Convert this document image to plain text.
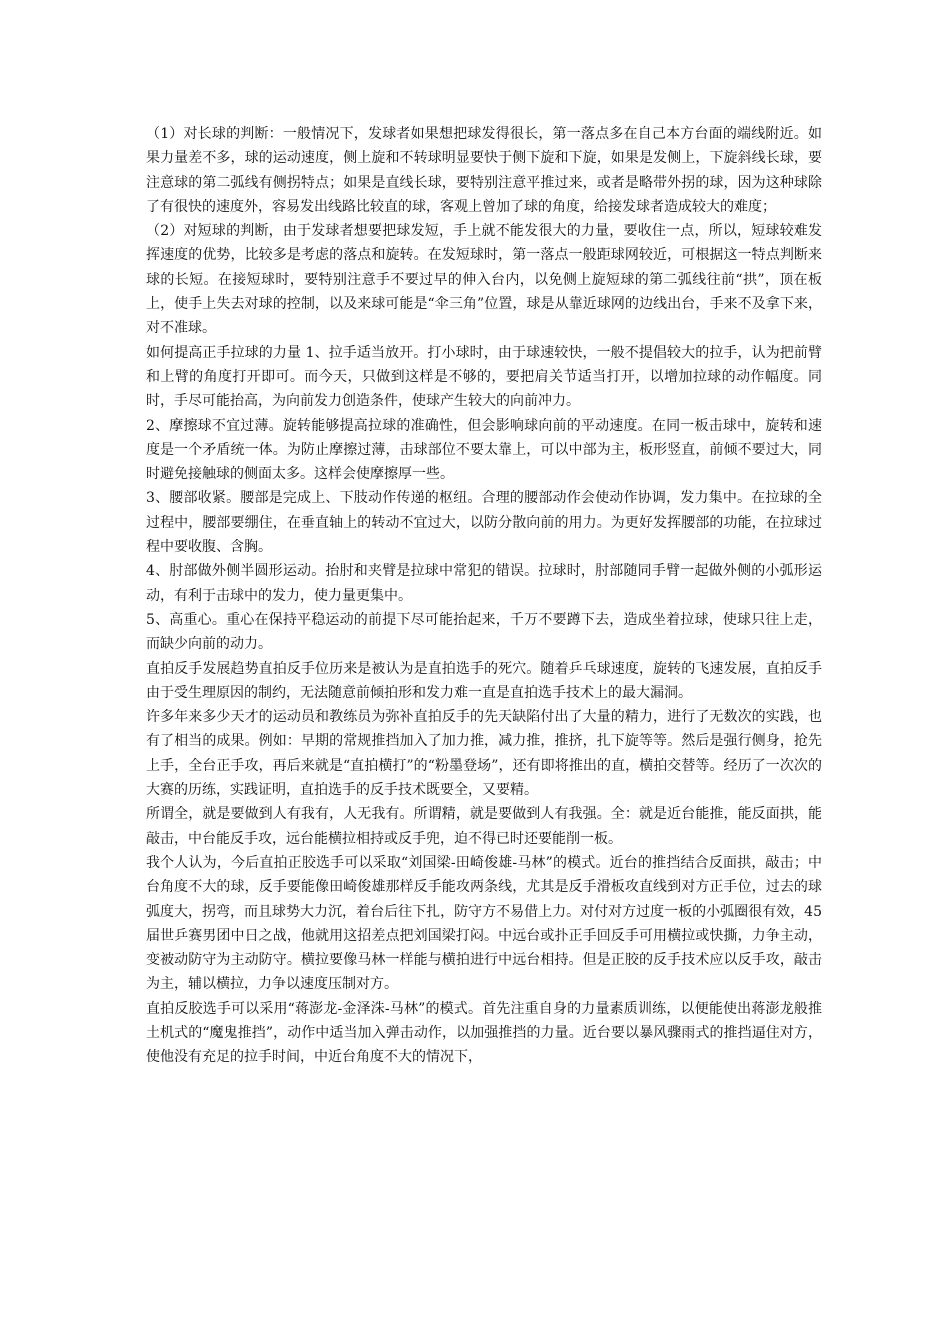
（1）对长球的判断：一般情况下，发球者如果想把球发得很长，第一落点多在自己本方台面的端线附近。如果力量差不多，球的运动速度，侧上旋和不转球明显要快于侧下旋和下旋，如果是发侧上，下旋斜线长球，要注意球的第二弧线有侧拐特点；如果是直线长球，要特别注意平推过来，或者是略带外拐的球，因为这种球除了有很快的速度外，容易发出线路比较直的球，客观上曾加了球的角度，给接发球者造成较大的难度；

（2）对短球的判断，由于发球者想要把球发短，手上就不能发很大的力量，要收住一点，所以，短球较难发挥速度的优势，比较多是考虑的落点和旋转。在发短球时，第一落点一般距球网较近，可根据这一特点判断来球的长短。在接短球时，要特别注意手不要过早的伸入台内，以免侧上旋短球的第二弧线往前“拱”，顶在板上，使手上失去对球的控制，以及来球可能是“伞三角”位置，球是从靠近球网的边线出台，手来不及拿下来，对不准球。

如何提高正手拉球的力量 1、拉手适当放开。打小球时，由于球速较快，一般不提倡较大的拉手，认为把前臂和上臂的角度打开即可。而今天，只做到这样是不够的，要把肩关节适当打开，以增加拉球的动作幅度。同时，手尽可能抬高，为向前发力创造条件，使球产生较大的向前冲力。

2、摩擦球不宜过薄。旋转能够提高拉球的准确性，但会影响球向前的平动速度。在同一板击球中，旋转和速度是一个矛盾统一体。为防止摩擦过薄，击球部位不要太靠上，可以中部为主，板形竖直，前倾不要过大，同时避免接触球的侧面太多。这样会使摩擦厚一些。

3、腰部收紧。腰部是完成上、下肢动作传递的枢纽。合理的腰部动作会使动作协调，发力集中。在拉球的全过程中，腰部要绷住，在垂直轴上的转动不宜过大，以防分散向前的用力。为更好发挥腰部的功能，在拉球过程中要收腹、含胸。

4、肘部做外侧半圆形运动。抬肘和夹臂是拉球中常犯的错误。拉球时，肘部随同手臂一起做外侧的小弧形运动，有利于击球中的发力，使力量更集中。

5、高重心。重心在保持平稳运动的前提下尽可能抬起来，千万不要蹲下去，造成坐着拉球，使球只往上走，而缺少向前的动力。

直拍反手发展趋势直拍反手位历来是被认为是直拍选手的死穴。随着乒乓球速度，旋转的飞速发展，直拍反手由于受生理原因的制约，无法随意前倾拍形和发力难一直是直拍选手技术上的最大漏洞。

许多年来多少天才的运动员和教练员为弥补直拍反手的先天缺陷付出了大量的精力，进行了无数次的实践，也有了相当的成果。例如：早期的常规推挡加入了加力推，减力推，推挤，扎下旋等等。然后是强行侧身，抢先上手，全台正手攻，再后来就是“直拍横打”的“粉墨登场”，还有即将推出的直，横拍交替等。经历了一次次的大赛的历练，实践证明，直拍选手的反手技术既要全，又要精。

所谓全，就是要做到人有我有，人无我有。所谓精，就是要做到人有我强。全：就是近台能推，能反面拱，能敲击，中台能反手攻，远台能横拉相持或反手兜，迫不得已时还要能削一板。

我个人认为，今后直拍正胶选手可以采取“刘国梁-田崎俊雄-马林”的模式。近台的推挡结合反面拱，敲击；中台角度不大的球，反手要能像田崎俊雄那样反手能攻两条线，尤其是反手滑板攻直线到对方正手位，过去的球弧度大，拐弯，而且球势大力沉，着台后往下扎，防守方不易借上力。对付对方过度一板的小弧圈很有效，45 届世乒赛男团中日之战，他就用这招差点把刘国梁打闷。中远台或扑正手回反手可用横拉或快撕，力争主动，变被动防守为主动防守。横拉要像马林一样能与横拍进行中远台相持。但是正胶的反手技术应以反手攻，敲击为主，辅以横拉，力争以速度压制对方。

直拍反胶选手可以采用“蒋澎龙-金泽洙-马林”的模式。首先注重自身的力量素质训练，以便能使出蒋澎龙般推土机式的“魔鬼推挡”，动作中适当加入弹击动作，以加强推挡的力量。近台要以暴风骤雨式的推挡逼住对方，使他没有充足的拉手时间，中近台角度不大的情况下，
